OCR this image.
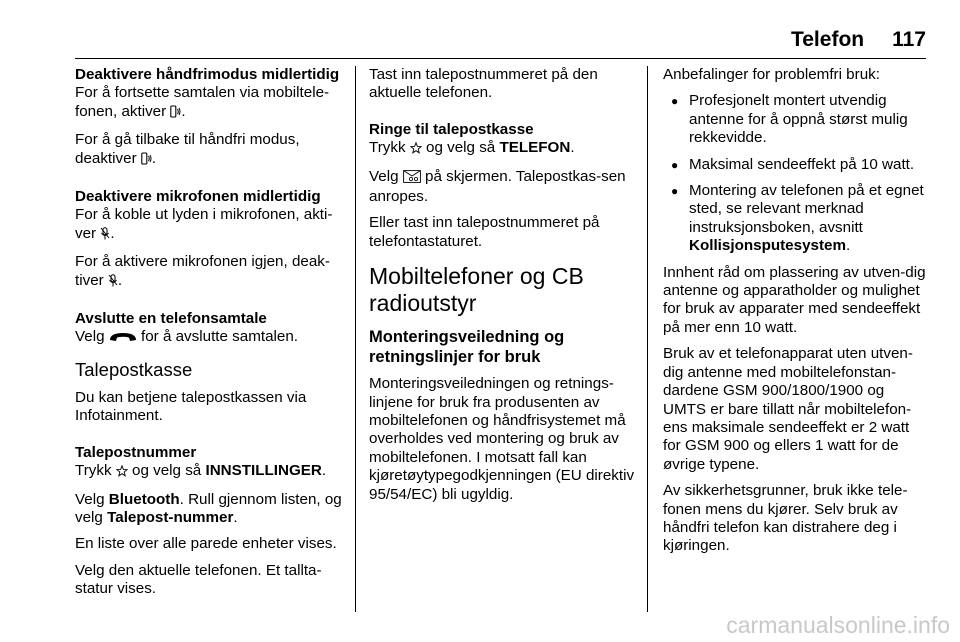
Telefon 117

Deaktivere håndfrimodus midlertidig

For å fortsette samtalen via mobiltele-fonen, aktiver .

For å gå tilbake til håndfri modus, deaktiver .

Deaktivere mikrofonen midlertidig

For å koble ut lyden i mikrofonen, akti-ver .

For å aktivere mikrofonen igjen, deak-tiver .

Avslutte en telefonsamtale

Velg  for å avslutte samtalen.

Talepostkasse

Du kan betjene talepostkassen via Infotainment.

Talepostnummer

Trykk  og velg så INNSTILLINGER.

Velg Bluetooth. Rull gjennom listen, og velg Talepost-nummer.

En liste over alle parede enheter vises.

Velg den aktuelle telefonen. Et tallta-statur vises.

Tast inn talepostnummeret på den aktuelle telefonen.

Ringe til talepostkasse

Trykk  og velg så TELEFON.

Velg  på skjermen. Talepostkas-sen anropes.

Eller tast inn talepostnummeret på telefontastaturet.

Mobiltelefoner og CB radioutstyr
Monteringsveiledning og retningslinjer for bruk

Monteringsveiledningen og retnings-linjene for bruk fra produsenten av mobiltelefonen og håndfrisystemet må overholdes ved montering og bruk av mobiltelefonen. I motsatt fall kan kjøretøytypegodkjenningen (EU direktiv 95/54/EC) bli ugyldig.

Anbefalinger for problemfri bruk:

● Profesjonelt montert utvendig antenne for å oppnå størst mulig rekkevidde.
● Maksimal sendeeffekt på 10 watt.
● Montering av telefonen på et egnet sted, se relevant merknad instruksjonsboken, avsnitt Kollisjonsputesystem.

Innhent råd om plassering av utven-dig antenne og apparatholder og mulighet for bruk av apparater med sendeeffekt på mer enn 10 watt.

Bruk av et telefonapparat uten utven-dig antenne med mobiltelefonstan-dardene GSM 900/1800/1900 og UMTS er bare tillatt når mobiltelefon-ens maksimale sendeeffekt er 2 watt for GSM 900 og ellers 1 watt for de øvrige typene.

Av sikkerhetsgrunner, bruk ikke tele-fonen mens du kjører. Selv bruk av håndfri telefon kan distrahere deg i kjøringen.

carmanualsonline.info
